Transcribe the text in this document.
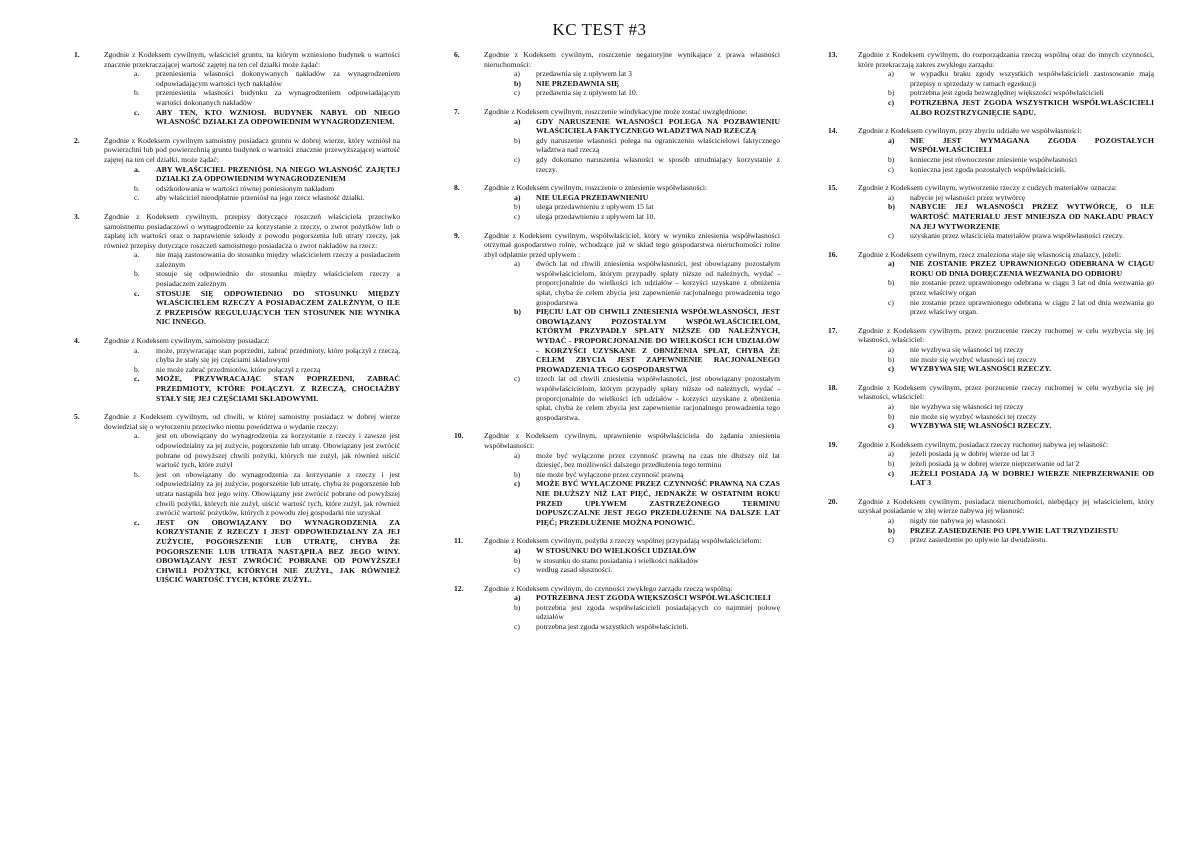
KC TEST #3
1.	Zgodnie z Kodeksem cywilnym, właściciel gruntu, na którym wzniesiono budynek o wartości znacznie przekraczającej wartość zajętej na ten cel działki może żądać:
a. przeniesienia własności dokonywanych nakładów za wynagrodzeniem odpowiadającym wartości tych nakładów
b. przeniesienia własności budynku za wynagrodzeniem odpowiadającym wartości dokonanych nakładów
c. ABY TEN, KTO WZNIOSŁ BUDYNEK NABYŁ OD NIEGO WŁASNOŚĆ DZIAŁKI ZA ODPOWIEDNIM WYNAGRODZENIEM.
2.	Zgodnie z Kodeksem cywilnym samoistny posiadacz gruntu w dobrej wierze, który wzniósł na powierzchni lub pod powierzchnią gruntu budynek o wartości znacznie przewyższającej wartość zajętej na ten cel działki, może żądać:
a. ABY WŁAŚCICIEL PRZENIÓSŁ NA NIEGO WŁASNOŚĆ ZAJĘTEJ DZIAŁKI ZA ODPOWIEDNIM WYNAGRODZENIEM
b. odszkodowania w wartości równej poniesionym nakładom
c. aby właściciel nieodpłatnie przeniósł na jego rzecz własność działki.
3.	Zgodnie z Kodeksem cywilnym, przepisy dotyczące roszczeń właściciela przeciwko samoistnemu posiadaczowi o wynagrodzenie za korzystanie z rzeczy, o zwrot pożytków lub o zapłatę ich wartości oraz o naprawienie szkody z powodu pogorszenia lub utraty rzeczy, jak również przepisy dotyczące roszczeń samoistnego posiadacza o zwrot nakładów na rzecz:
a. nie mają zastosowania do stosunku między właścicielem rzeczy a posiadaczem zależnym
b. stosuje się odpowiednio do stosunku między właścicielem rzeczy a posiadaczem zależnym
c. STOSUJE SIĘ ODPOWIEDNIO DO STOSUNKU MIĘDZY WŁAŚCICIELEM RZECZY A POSIADACZEM ZALEŻNYM, O ILE Z PRZEPISÓW REGULUJĄCYCH TEN STOSUNEK NIE WYNIKA NIC INNEGO.
4.	Zgodnie z Kodeksem cywilnym, samoistny posiadacz:
a. może, przywracając stan poprzedni, zabrać przedmioty, które połączył z rzeczą, chyba że stały się jej częściami składowymi
b. nie może zabrać przedmiotów, które połączył z rzeczą
c. MOŻE, PRZYWRACAJĄC STAN POPRZEDNI, ZABRAĆ PRZEDMIOTY, KTÓRE POŁĄCZYŁ Z RZECZĄ, CHOCIAŻBY STAŁY SIĘ JEJ CZĘŚCIAMI SKŁADOWYMI.
5.	Zgodnie z Kodeksem cywilnym, od chwili, w której samoistny posiadacz w dobrej wierze dowiedział się o wytoczeniu przeciwko niemu powództwa o wydanie rzeczy:
a. jest on obowiązany do wynagrodzenia za korzystanie z rzeczy i zawsze jest odpowiedzialny za jej zużycie, pogorszenie lub utratę. Obowiązany jest zwrócić pobrane od powyższej chwili pożytki, których nie zużył, jak również uiścić wartość tych, które zużył
b. jest on obowiązany do wynagrodzenia za korzystanie z rzeczy i jest odpowiedzialny za jej zużycie, pogorszenie lub utratę, chyba że pogorszenie lub utrata nastąpiła bez jego winy. Obowiązany jest zwrócić pobrane od powyższej chwili pożytki, których nie zużył, uiścić wartość tych, które zużył, jak również zwrócić wartość pożytków, których z powodu złej gospodarki nie uzyskał
c. JEST ON OBOWIĄZANY DO WYNAGRODZENIA ZA KORZYSTANIE Z RZECZY I JEST ODPOWIEDZIALNY ZA JEJ ZUŻYCIE, POGORSZENIE LUB UTRATĘ, CHYBA ŻE POGORSZENIE LUB UTRATA NASTĄPIŁA BEZ JEGO WINY. OBOWIĄZANY JEST ZWRÓCIĆ POBRANE OD POWYŻSZEJ CHWILI POŻYTKI, KTÓRYCH NIE ZUŻYŁ, JAK RÓWNIEŻ UIŚCIĆ WARTOŚĆ TYCH, KTÓRE ZUŻYŁ.
6.	Zgodnie z Kodeksem cywilnym, roszczenie negatoryjne wynikające z prawa własności nieruchomości:
a) przedawnia się z upływem lat 3
b) NIE PRZEDAWNIA SIĘ
c) przedawnia się z upływem lat 10.
7.	Zgodnie z Kodeksem cywilnym, roszczenie windykacyjne może zostać uwzględnione:
a) GDY NARUSZENIE WŁASNOŚCI POLEGA NA POZBAWIENIU WŁAŚCICIELA FAKTYCZNEGO WŁADZTWA NAD RZECZĄ
b) gdy naruszenie własności polega na ograniczeniu właścicielowi faktycznego władztwa nad rzeczą
c) gdy dokonano naruszenia własności w sposób utrudniający korzystanie z rzeczy.
8.	Zgodnie z Kodeksem cywilnym, roszczenie o zniesienie współwłasności:
a) NIE ULEGA PRZEDAWNIENIU
b) ulega przedawnieniu z upływem 15 lat
c) ulega przedawnieniu z upływem lat 10.
9.	Zgodnie z Kodeksem cywilnym, współwłaściciel, który w wyniku zniesienia współwłasności otrzymał gospodarstwo rolne, wchodzące już w skład tego gospodarstwa nieruchomości rolne zbył odpłatnie przed upływem :
a) dwóch lat od chwili zniesienia współwłasności, jest obowiązany pozostałym współwłaścicielom, którym przypadły spłaty niższe od należnych, wydać - proporcjonalnie do wielkości ich udziałów - korzyści uzyskane z obniżenia spłat, chyba że celem zbycia jest zapewnienie racjonalnego prowadzenia tego gospodarstwa
b) PIĘCIU LAT OD CHWILI ZNIESIENIA WSPÓŁWŁASNOŚCI, JEST OBOWIĄZANY POZOSTAŁYM WSPÓŁWŁAŚCICIELOM, KTÓRYM PRZYPADŁY SPŁATY NIŻSZE OD NALEŻNYCH, WYDAĆ - PROPORCJONALNIE DO WIELKOŚCI ICH UDZIAŁÓW - KORZYŚCI UZYSKANE Z OBNIŻENIA SPŁAT, CHYBA ŻE CELEM ZBYCIA JEST ZAPEWNIENIE RACJONALNEGO PROWADZENIA TEGO GOSPODARSTWA
c) trzech lat od chwili zniesienia współwłasności, jest obowiązany pozostałym współwłaścicielom, którym przypadły spłaty niższe od należnych, wydać - proporcjonalnie do wielkości ich udziałów - korzyści uzyskane z obniżenia spłat, chyba że celem zbycia jest zapewnienie racjonalnego prowadzenia tego gospodarstwa.
10.	Zgodnie z Kodeksem cywilnym, uprawnienie współwłaściciela do żądania zniesienia współwłasności:
a) może być wyłączone przez czynność prawną na czas nie dłuższy niż lat dziesięć, bez możliwości dalszego przedłużenia tego terminu
b) nie może być wyłączone przez czynność prawną
c) MOŻE BYĆ WYŁĄCZONE PRZEZ CZYNNOŚĆ PRAWNĄ NA CZAS NIE DŁUŻSZY NIŻ LAT PIĘĆ, JEDNAKŻE W OSTATNIM ROKU PRZED UPŁYWEM ZASTRZEŻONEGO TERMINU DOPUSZCZALNE JEST JEGO PRZEDŁUŻENIE NA DALSZE LAT PIĘĆ; PRZEDŁUŻENIE MOŻNA PONOWIĆ.
11.	Zgodnie z Kodeksem cywilnym, pożytki z rzeczy wspólnej przypadają współwłaścicielom:
a) W STOSUNKU DO WIELKOŚCI UDZIAŁÓW
b) w stosunku do stanu posiadania i wielkości nakładów
c) według zasad słuszności.
12.	Zgodnie z Kodeksem cywilnym, do czynności zwykłego zarządu rzeczą wspólną:
a) POTRZEBNA JEST ZGODA WIĘKSZOŚCI WSPÓŁWŁAŚCICIELI
b) potrzebna jest zgoda współwłaścicieli posiadających co najmniej połowę udziałów
c) potrzebna jest zgoda wszystkich współwłaścicieli.
13.	Zgodnie z Kodeksem cywilnym, do rozporządzania rzeczą wspólną oraz do innych czynności, które przekraczają zakres zwykłego zarządu:
a) w wypadku braku zgody wszystkich współwłaścicieli zastosowanie mają przepisy o sprzedaży w ramach egzekucji
b) potrzebna jest zgoda bezwzględnej większości współwłaścicieli
c) POTRZEBNA JEST ZGODA WSZYSTKICH WSPÓŁWŁAŚCICIELI ALBO ROZSTRZYGNIĘCIE SĄDU.
14.	Zgodnie z Kodeksem cywilnym, przy zbyciu udziału we współwłasności:
a) NIE JEST WYMAGANA ZGODA POZOSTAŁYCH WSPÓŁWŁAŚCICIELI
b) konieczne jest równoczesne zniesienie współwłasności
c) konieczna jest zgoda pozostałych współwłaścicieli.
15.	Zgodnie z Kodeksem cywilnym, wytworzenie rzeczy z cudzych materiałów oznacza:
a) nabycie jej własności przez wytwórcę
b) NABYCIE JEJ WŁASNOŚCI PRZEZ WYTWÓRCĘ, O ILE WARTOŚĆ MATERIAŁU JEST MNIEJSZA OD NAKŁADU PRACY NA JEJ WYTWORZENIE
c) uzyskanie przez właściciela materiałów prawa współwłasności rzeczy.
16.	Zgodnie z Kodeksem cywilnym, rzecz znaleziona staje się własnością znalazcy, jeżeli:
a) NIE ZOSTANIE PRZEZ UPRAWNIONEGO ODEBRANA W CIĄGU ROKU OD DNIA DORĘCZENIA WEZWANIA DO ODBIORU
b) nie zostanie przez uprawnionego odebrana w ciągu 3 lat od dnia wezwania go przez właściwy organ
c) nie zostanie przez uprawnionego odebrana w ciągu 2 lat od dnia wezwania go przez właściwy organ.
17.	Zgodnie z Kodeksem cywilnym, przez porzucenie rzeczy ruchomej w celu wyzbycia się jej własności, właściciel:
a) nie wyzbywa się własności tej rzeczy
b) nie może się wyzbyć własności tej rzeczy
c) WYZBYWA SIĘ WŁASNOŚCI RZECZY.
18.	Zgodnie z Kodeksem cywilnym, przez porzucenie rzeczy ruchomej w celu wyzbycia się jej własności, właściciel:
a) nie wyzbywa się własności tej rzeczy
b) nie może się wyzbyć własności tej rzeczy
c) WYZBYWA SIĘ WŁASNOŚCI RZECZY.
19.	Zgodnie z Kodeksem cywilnym, posiadacz rzeczy ruchomej nabywa jej własność:
a) jeżeli posiada ją w dobrej wierze od lat 3
b) jeżeli posiada ją w dobrej wierze nieprzerwanie od lat 2
c) JEŻELI POSIADA JĄ W DOBREJ WIERZE NIEPRZERWANIE OD LAT 3
20.	Zgodnie z Kodeksem cywilnym, posiadacz nieruchomości, niebędący jej właścicielem, który uzyskał posiadanie w złej wierze nabywa jej własność:
a) nigdy nie nabywa jej własności
b) PRZEZ ZASIEDZENIE PO UPŁYWIE LAT TRZYDZIESTU
c) przez zasiedzenie po upływie lat dwudziestu.
